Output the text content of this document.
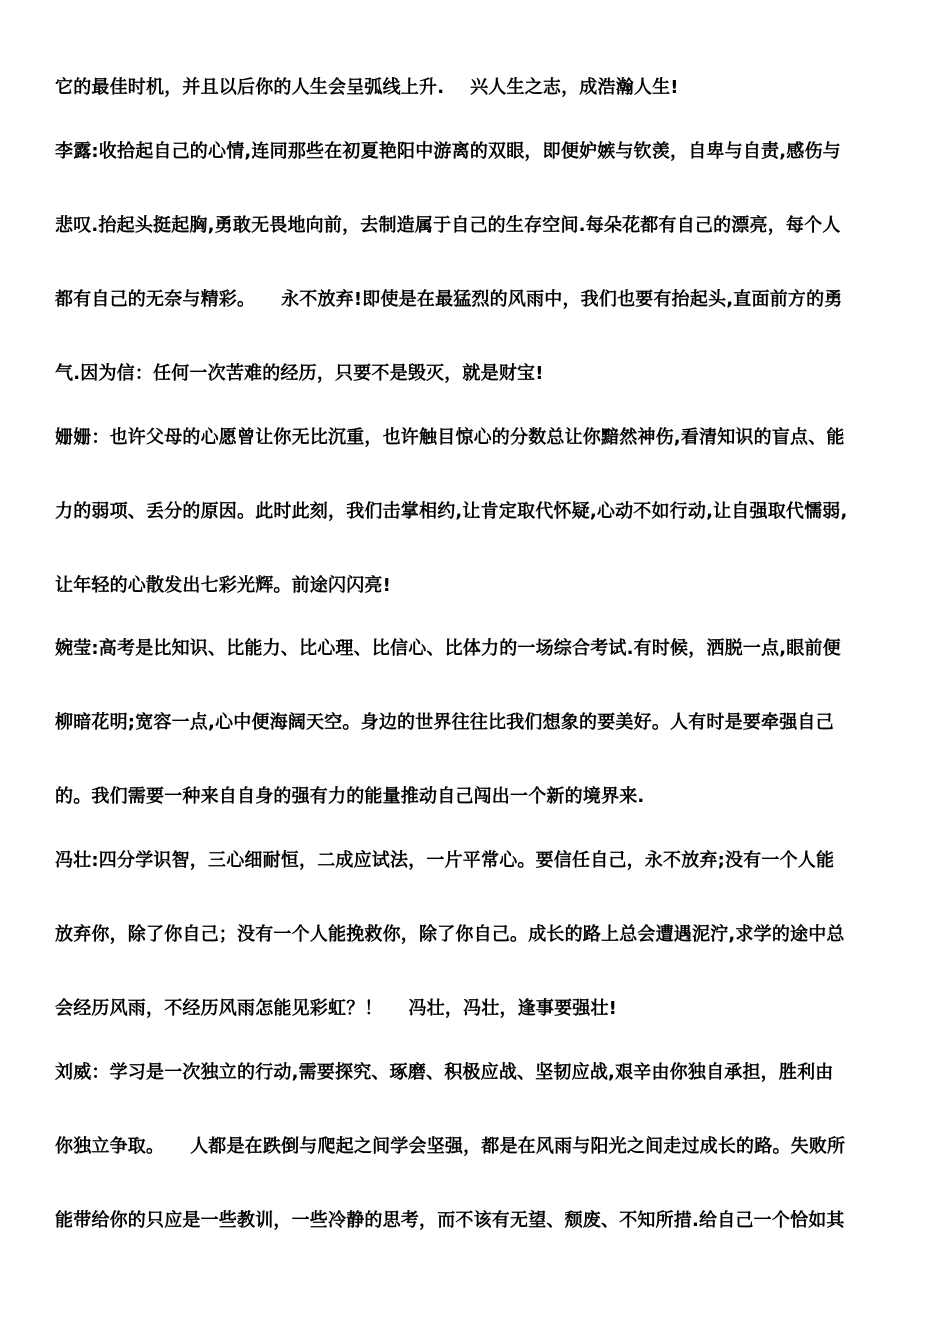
它的最佳时机，并且以后你的人生会呈弧线上升.    兴人生之志，成浩瀚人生!
李露:收拾起自己的心情,连同那些在初夏艳阳中游离的双眼，即便妒嫉与钦羡，自卑与自责,感伤与
悲叹.抬起头挺起胸,勇敢无畏地向前，去制造属于自己的生存空间.每朵花都有自己的漂亮，每个人
都有自己的无奈与精彩。    永不放弃!即使是在最猛烈的风雨中，我们也要有抬起头,直面前方的勇
气.因为信：任何一次苦难的经历，只要不是毁灭，就是财宝!
姗姗：也许父母的心愿曾让你无比沉重，也许触目惊心的分数总让你黯然神伤,看清知识的盲点、能
力的弱项、丢分的原因。此时此刻，我们击掌相约,让肯定取代怀疑,心动不如行动,让自强取代懦弱,
让年轻的心散发出七彩光辉。前途闪闪亮!
婉莹:高考是比知识、比能力、比心理、比信心、比体力的一场综合考试.有时候，洒脱一点,眼前便
柳暗花明;宽容一点,心中便海阔天空。身边的世界往往比我们想象的要美好。人有时是要牵强自己
的。我们需要一种来自自身的强有力的能量推动自己闯出一个新的境界来.
冯壮:四分学识智，三心细耐恒，二成应试法，一片平常心。要信任自己，永不放弃;没有一个人能
放弃你，除了你自己；没有一个人能挽救你，除了你自己。成长的路上总会遭遇泥泞,求学的途中总
会经历风雨，不经历风雨怎能见彩虹？！    冯壮，冯壮，逢事要强壮!
刘威：学习是一次独立的行动,需要探究、琢磨、积极应战、坚韧应战,艰辛由你独自承担，胜利由
你独立争取。    人都是在跌倒与爬起之间学会坚强，都是在风雨与阳光之间走过成长的路。失败所
能带给你的只应是一些教训，一些冷静的思考，而不该有无望、颓废、不知所措.给自己一个恰如其
